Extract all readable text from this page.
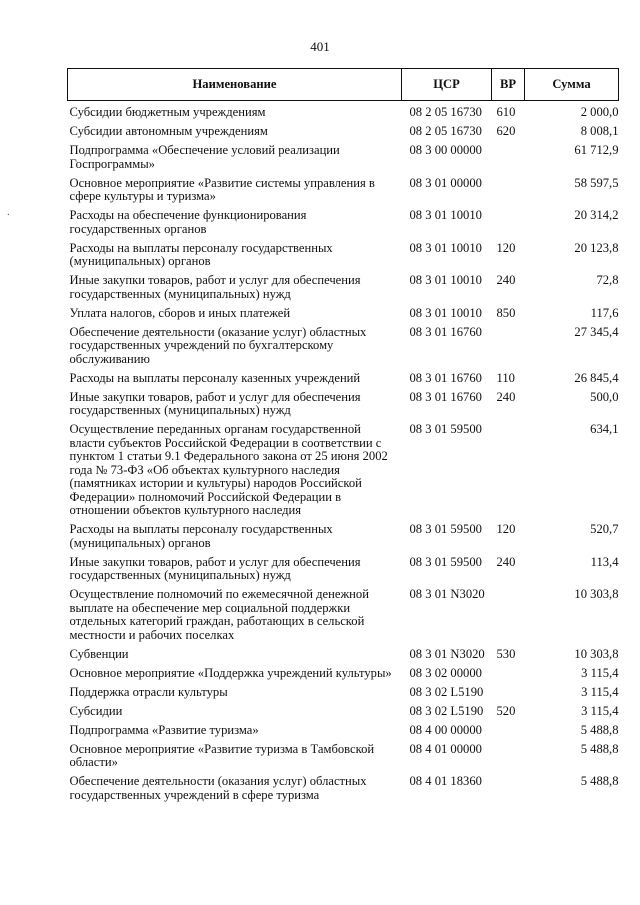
401
.
Наименование	ЦСР	ВР	Сумма
Субсидии бюджетным учреждениям	08 2 05 16730	610	2 000,0
Субсидии автономным учреждениям	08 2 05 16730	620	8 008,1
Подпрограмма «Обеспечение условий реализации Госпрограммы»	08 3 00 00000		61 712,9
Основное мероприятие «Развитие системы управления в сфере культуры и туризма»	08 3 01 00000		58 597,5
Расходы на обеспечение функционирования государственных органов	08 3 01 10010		20 314,2
Расходы на выплаты персоналу государственных (муниципальных) органов	08 3 01 10010	120	20 123,8
Иные закупки товаров, работ и услуг для обеспечения государственных (муниципальных) нужд	08 3 01 10010	240	72,8
Уплата налогов, сборов и иных платежей	08 3 01 10010	850	117,6
Обеспечение деятельности (оказание услуг) областных государственных учреждений по бухгалтерскому обслуживанию	08 3 01 16760		27 345,4
Расходы на выплаты персоналу казенных учреждений	08 3 01 16760	110	26 845,4
Иные закупки товаров, работ и услуг для обеспечения государственных (муниципальных) нужд	08 3 01 16760	240	500,0
Осуществление переданных органам государственной власти субъектов Российской Федерации в соответствии с пунктом 1 статьи 9.1 Федерального закона от 25 июня 2002 года № 73-ФЗ «Об объектах культурного наследия (памятниках истории и культуры) народов Российской Федерации» полномочий Российской Федерации в отношении объектов культурного наследия	08 3 01 59500		634,1
Расходы на выплаты персоналу государственных (муниципальных) органов	08 3 01 59500	120	520,7
Иные закупки товаров, работ и услуг для обеспечения государственных (муниципальных) нужд	08 3 01 59500	240	113,4
Осуществление полномочий по ежемесячной денежной выплате на обеспечение мер социальной поддержки отдельных категорий граждан, работающих в сельской местности и рабочих поселках	08 3 01 N3020		10 303,8
Субвенции	08 3 01 N3020	530	10 303,8
Основное мероприятие «Поддержка учреждений культуры»	08 3 02 00000		3 115,4
Поддержка отрасли культуры	08 3 02 L5190		3 115,4
Субсидии	08 3 02 L5190	520	3 115,4
Подпрограмма «Развитие туризма»	08 4 00 00000		5 488,8
Основное мероприятие «Развитие туризма в Тамбовской области»	08 4 01 00000		5 488,8
Обеспечение деятельности (оказания услуг) областных государственных учреждений в сфере туризма	08 4 01 18360		5 488,8
